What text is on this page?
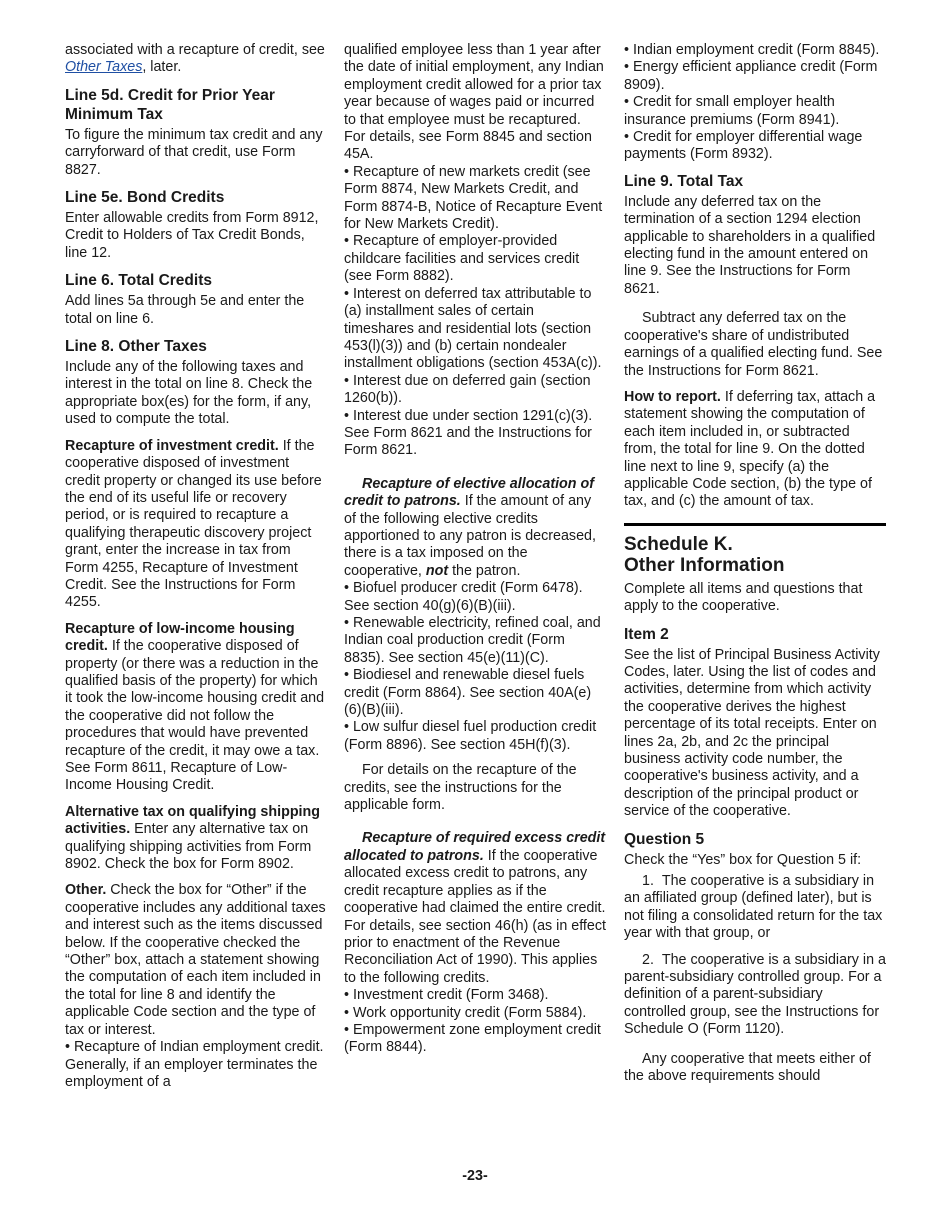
associated with a recapture of credit, see Other Taxes, later.

Line 5d. Credit for Prior Year Minimum Tax

To figure the minimum tax credit and any carryforward of that credit, use Form 8827.

Line 5e. Bond Credits

Enter allowable credits from Form 8912, Credit to Holders of Tax Credit Bonds, line 12.

Line 6. Total Credits

Add lines 5a through 5e and enter the total on line 6.

Line 8. Other Taxes

Include any of the following taxes and interest in the total on line 8. Check the appropriate box(es) for the form, if any, used to compute the total.

Recapture of investment credit. If the cooperative disposed of investment credit property or changed its use before the end of its useful life or recovery period, or is required to recapture a qualifying therapeutic discovery project grant, enter the increase in tax from Form 4255, Recapture of Investment Credit. See the Instructions for Form 4255.

Recapture of low-income housing credit. If the cooperative disposed of property (or there was a reduction in the qualified basis of the property) for which it took the low-income housing credit and the cooperative did not follow the procedures that would have prevented recapture of the credit, it may owe a tax. See Form 8611, Recapture of Low-Income Housing Credit.

Alternative tax on qualifying shipping activities. Enter any alternative tax on qualifying shipping activities from Form 8902. Check the box for Form 8902.

Other. Check the box for “Other” if the cooperative includes any additional taxes and interest such as the items discussed below. If the cooperative checked the “Other” box, attach a statement showing the computation of each item included in the total for line 8 and identify the applicable Code section and the type of tax or interest.

• Recapture of Indian employment credit. Generally, if an employer terminates the employment of a

qualified employee less than 1 year after the date of initial employment, any Indian employment credit allowed for a prior tax year because of wages paid or incurred to that employee must be recaptured. For details, see Form 8845 and section 45A.

• Recapture of new markets credit (see Form 8874, New Markets Credit, and Form 8874-B, Notice of Recapture Event for New Markets Credit).

• Recapture of employer-provided childcare facilities and services credit (see Form 8882).

• Interest on deferred tax attributable to (a) installment sales of certain timeshares and residential lots (section 453(l)(3)) and (b) certain nondealer installment obligations (section 453A(c)).

• Interest due on deferred gain (section 1260(b)).

• Interest due under section 1291(c)(3). See Form 8621 and the Instructions for Form 8621.

Recapture of elective allocation of credit to patrons. If the amount of any of the following elective credits apportioned to any patron is decreased, there is a tax imposed on the cooperative, not the patron.

• Biofuel producer credit (Form 6478). See section 40(g)(6)(B)(iii).

• Renewable electricity, refined coal, and Indian coal production credit (Form 8835). See section 45(e)(11)(C).

• Biodiesel and renewable diesel fuels credit (Form 8864). See section 40A(e)(6)(B)(iii).

• Low sulfur diesel fuel production credit (Form 8896). See section 45H(f)(3).

For details on the recapture of the credits, see the instructions for the applicable form.

Recapture of required excess credit allocated to patrons. If the cooperative allocated excess credit to patrons, any credit recapture applies as if the cooperative had claimed the entire credit. For details, see section 46(h) (as in effect prior to enactment of the Revenue Reconciliation Act of 1990). This applies to the following credits.

• Investment credit (Form 3468).

• Work opportunity credit (Form 5884).

• Empowerment zone employment credit (Form 8844).

• Indian employment credit (Form 8845).

• Energy efficient appliance credit (Form 8909).

• Credit for small employer health insurance premiums (Form 8941).

• Credit for employer differential wage payments (Form 8932).

Line 9. Total Tax

Include any deferred tax on the termination of a section 1294 election applicable to shareholders in a qualified electing fund in the amount entered on line 9. See the Instructions for Form 8621.

Subtract any deferred tax on the cooperative's share of undistributed earnings of a qualified electing fund. See the Instructions for Form 8621.

How to report. If deferring tax, attach a statement showing the computation of each item included in, or subtracted from, the total for line 9. On the dotted line next to line 9, specify (a) the applicable Code section, (b) the type of tax, and (c) the amount of tax.

Schedule K.
Other Information

Complete all items and questions that apply to the cooperative.

Item 2

See the list of Principal Business Activity Codes, later. Using the list of codes and activities, determine from which activity the cooperative derives the highest percentage of its total receipts. Enter on lines 2a, 2b, and 2c the principal business activity code number, the cooperative's business activity, and a description of the principal product or service of the cooperative.

Question 5

Check the “Yes” box for Question 5 if:

1.  The cooperative is a subsidiary in an affiliated group (defined later), but is not filing a consolidated return for the tax year with that group, or

2.  The cooperative is a subsidiary in a parent-subsidiary controlled group. For a definition of a parent-subsidiary controlled group, see the Instructions for Schedule O (Form 1120).

Any cooperative that meets either of the above requirements should

-23-
